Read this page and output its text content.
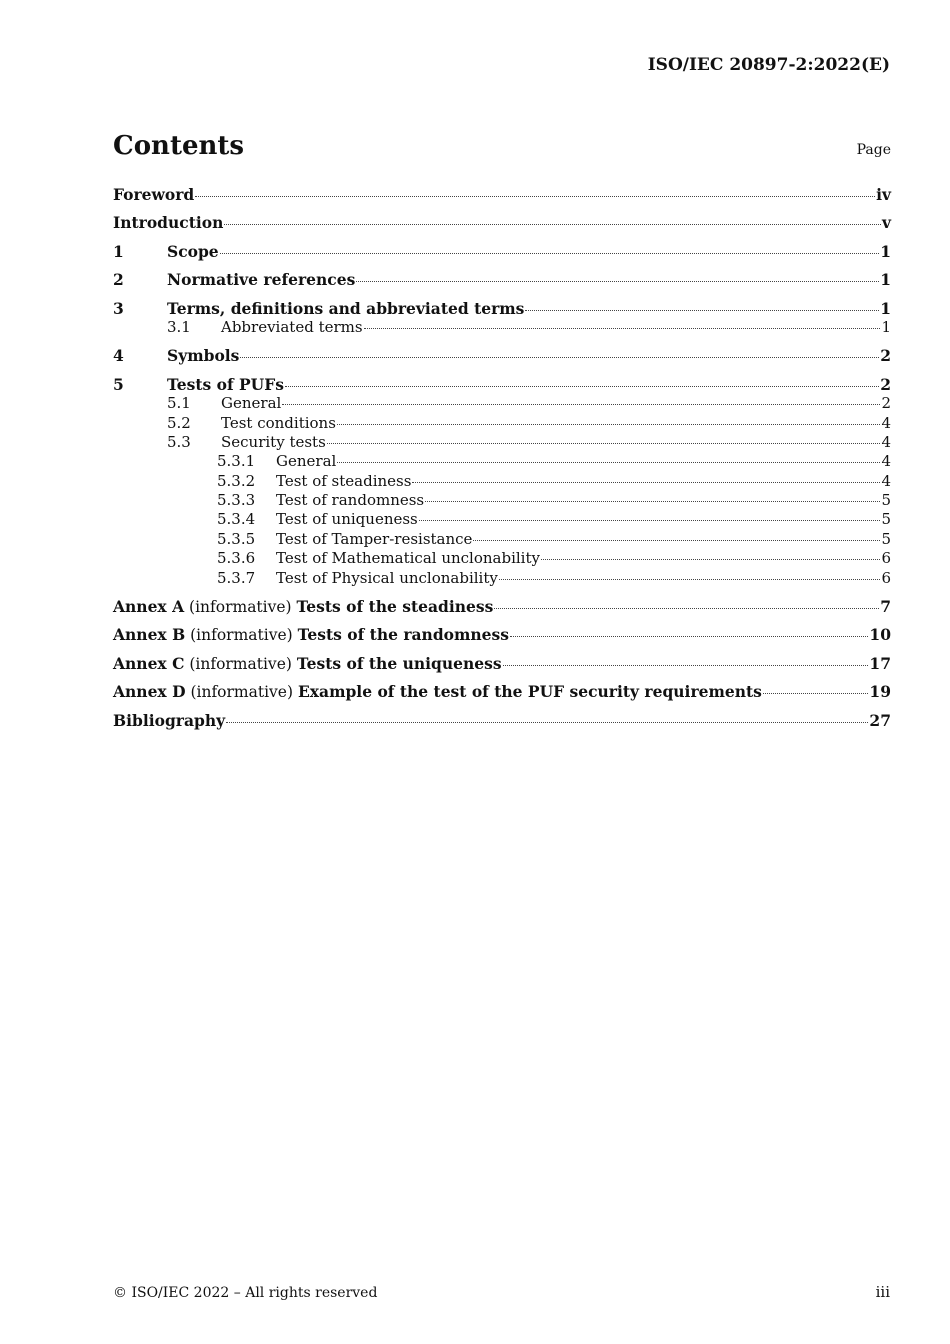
ISO/IEC 20897-2:2022(E)
Contents	Page
Foreword	iv
Introduction	v
1	Scope	1
2	Normative references	1
3	Terms, definitions and abbreviated terms	1
3.1	Abbreviated terms	1
4	Symbols	2
5	Tests of PUFs	2
5.1	General	2
5.2	Test conditions	4
5.3	Security tests	4
5.3.1	General	4
5.3.2	Test of steadiness	4
5.3.3	Test of randomness	5
5.3.4	Test of uniqueness	5
5.3.5	Test of Tamper-resistance	5
5.3.6	Test of Mathematical unclonability	6
5.3.7	Test of Physical unclonability	6
Annex A (informative) Tests of the steadiness	7
Annex B (informative) Tests of the randomness	10
Annex C (informative) Tests of the uniqueness	17
Annex D (informative) Example of the test of the PUF security requirements	19
Bibliography	27
© ISO/IEC 2022 – All rights reserved	iii
